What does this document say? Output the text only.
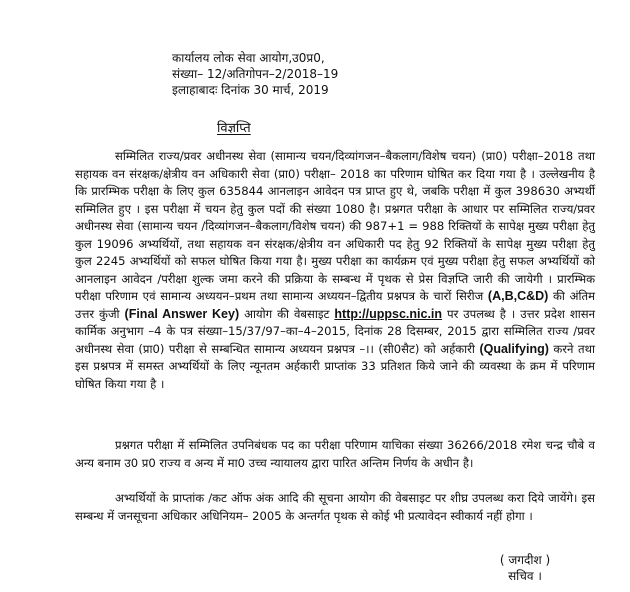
कार्यालय लोक सेवा आयोग,उ0प्र0,
संख्या– 12/अतिगोपन–2/2018–19
इलाहाबादः दिनांक 30 मार्च, 2019
विज्ञप्ति
सम्मिलित राज्य/प्रवर अधीनस्थ सेवा (सामान्य चयन/दिव्यांगजन–बैकलाग/विशेष चयन) (प्रा0) परीक्षा–2018 तथा सहायक वन संरक्षक/क्षेत्रीय वन अधिकारी सेवा (प्रा0) परीक्षा– 2018 का परिणाम घोषित कर दिया गया है । उल्लेखनीय है कि प्रारम्भिक परीक्षा के लिए कुल 635844 आनलाइन आवेदन पत्र प्राप्त हुए थे, जबकि परीक्षा में कुल 398630 अभ्यर्थी सम्मिलित हुए । इस परीक्षा में चयन हेतु कुल पदों की संख्या 1080 है। प्रश्नगत परीक्षा के आधार पर सम्मिलित राज्य/प्रवर अधीनस्थ सेवा (सामान्य चयन /दिव्यांगजन–बैकलाग/विशेष चयन) की 987+1 = 988 रिक्तियों के सापेक्ष मुख्य परीक्षा हेतु कुल 19096 अभ्यर्थियों, तथा सहायक वन संरक्षक/क्षेत्रीय वन अधिकारी पद हेतु 92 रिक्तियों के सापेक्ष मुख्य परीक्षा हेतु कुल 2245 अभ्यर्थियों को सफल घोषित किया गया है। मुख्य परीक्षा का कार्यक्रम एवं मुख्य परीक्षा हेतु सफल अभ्यर्थियों को आनलाइन आवेदन /परीक्षा शुल्क जमा करने की प्रक्रिया के सम्बन्ध में पृथक से प्रेस विज्ञप्ति जारी की जायेगी । प्रारम्भिक परीक्षा परिणाम एवं सामान्य अध्ययन–प्रथम तथा सामान्य अध्ययन–द्वितीय प्रश्नपत्र के चारों सिरीज (A,B,C&D) की अंतिम उत्तर कुंजी (Final Answer Key) आयोग की वेबसाइट http://uppsc.nic.in पर उपलब्ध है । उत्तर प्रदेश शासन कार्मिक अनुभाग –4 के पत्र संख्या–15/37/97–का–4–2015, दिनांक 28 दिसम्बर, 2015 द्वारा सम्मिलित राज्य /प्रवर अधीनस्थ सेवा (प्रा0) परीक्षा से सम्बन्धित सामान्य अध्ययन प्रश्नपत्र –।। (सी0सैट) को अर्हकारी (Qualifying) करने तथा इस प्रश्नपत्र में समस्त अभ्यर्थियों के लिए न्यूनतम अर्हकारी प्राप्तांक 33 प्रतिशत किये जाने की व्यवस्था के क्रम में परिणाम घोषित किया गया है ।
प्रश्नगत परीक्षा में सम्मिलित उपनिबंधक पद का परीक्षा परिणाम याचिका संख्या 36266/2018 रमेश चन्द्र चौबे व अन्य बनाम उ0 प्र0 राज्य व अन्य में मा0 उच्च न्यायालय द्वारा पारित अन्तिम निर्णय के अधीन है।
अभ्यर्थियों के प्राप्तांक /कट ऑफ अंक आदि की सूचना आयोग की वेबसाइट पर शीघ्र उपलब्ध करा दिये जायेंगे। इस सम्बन्ध में जनसूचना अधिकार अधिनियम– 2005 के अन्तर्गत पृथक से कोई भी प्रत्यावेदन स्वीकार्य नहीं होगा ।
( जगदीश )
सचिव ।
